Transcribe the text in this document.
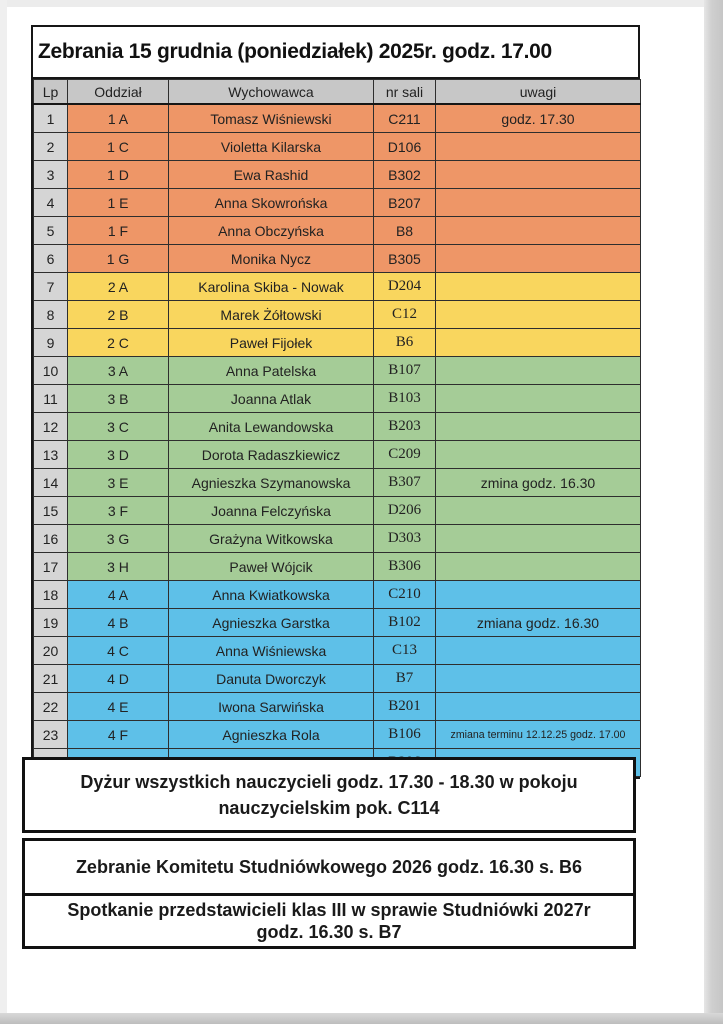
Zebrania 15 grudnia (poniedziałek) 2025r. godz. 17.00
Lp	Oddział	Wychowawca	nr sali	uwagi
1	1 A	Tomasz Wiśniewski	C211	godz. 17.30
2	1 C	Violetta Kilarska	D106	
3	1 D	Ewa Rashid	B302	
4	1 E	Anna Skowrońska	B207	
5	1 F	Anna Obczyńska	B8	
6	1 G	Monika Nycz	B305	
7	2 A	Karolina Skiba - Nowak	D204	
8	2 B	Marek Żółtowski	C12	
9	2 C	Paweł Fijołek	B6	
10	3 A	Anna Patelska	B107	
11	3 B	Joanna Atlak	B103	
12	3 C	Anita Lewandowska	B203	
13	3 D	Dorota Radaszkiewicz	C209	
14	3 E	Agnieszka Szymanowska	B307	zmina godz. 16.30
15	3 F	Joanna Felczyńska	D206	
16	3 G	Grażyna Witkowska	D303	
17	3 H	Paweł Wójcik	B306	
18	4 A	Anna Kwiatkowska	C210	
19	4 B	Agnieszka Garstka	B102	zmiana godz. 16.30
20	4 C	Anna Wiśniewska	C13	
21	4 D	Danuta Dworczyk	B7	
22	4 E	Iwona Sarwińska	B201	
23	4 F	Agnieszka Rola	B106	zmiana terminu 12.12.25 godz. 17.00

Dyżur wszystkich nauczycieli godz. 17.30 - 18.30 w pokoju
nauczycielskim pok. C114
Zebranie Komitetu Studniówkowego 2026 godz. 16.30 s. B6
Spotkanie przedstawicieli klas III w sprawie Studniówki 2027r
godz. 16.30 s. B7
